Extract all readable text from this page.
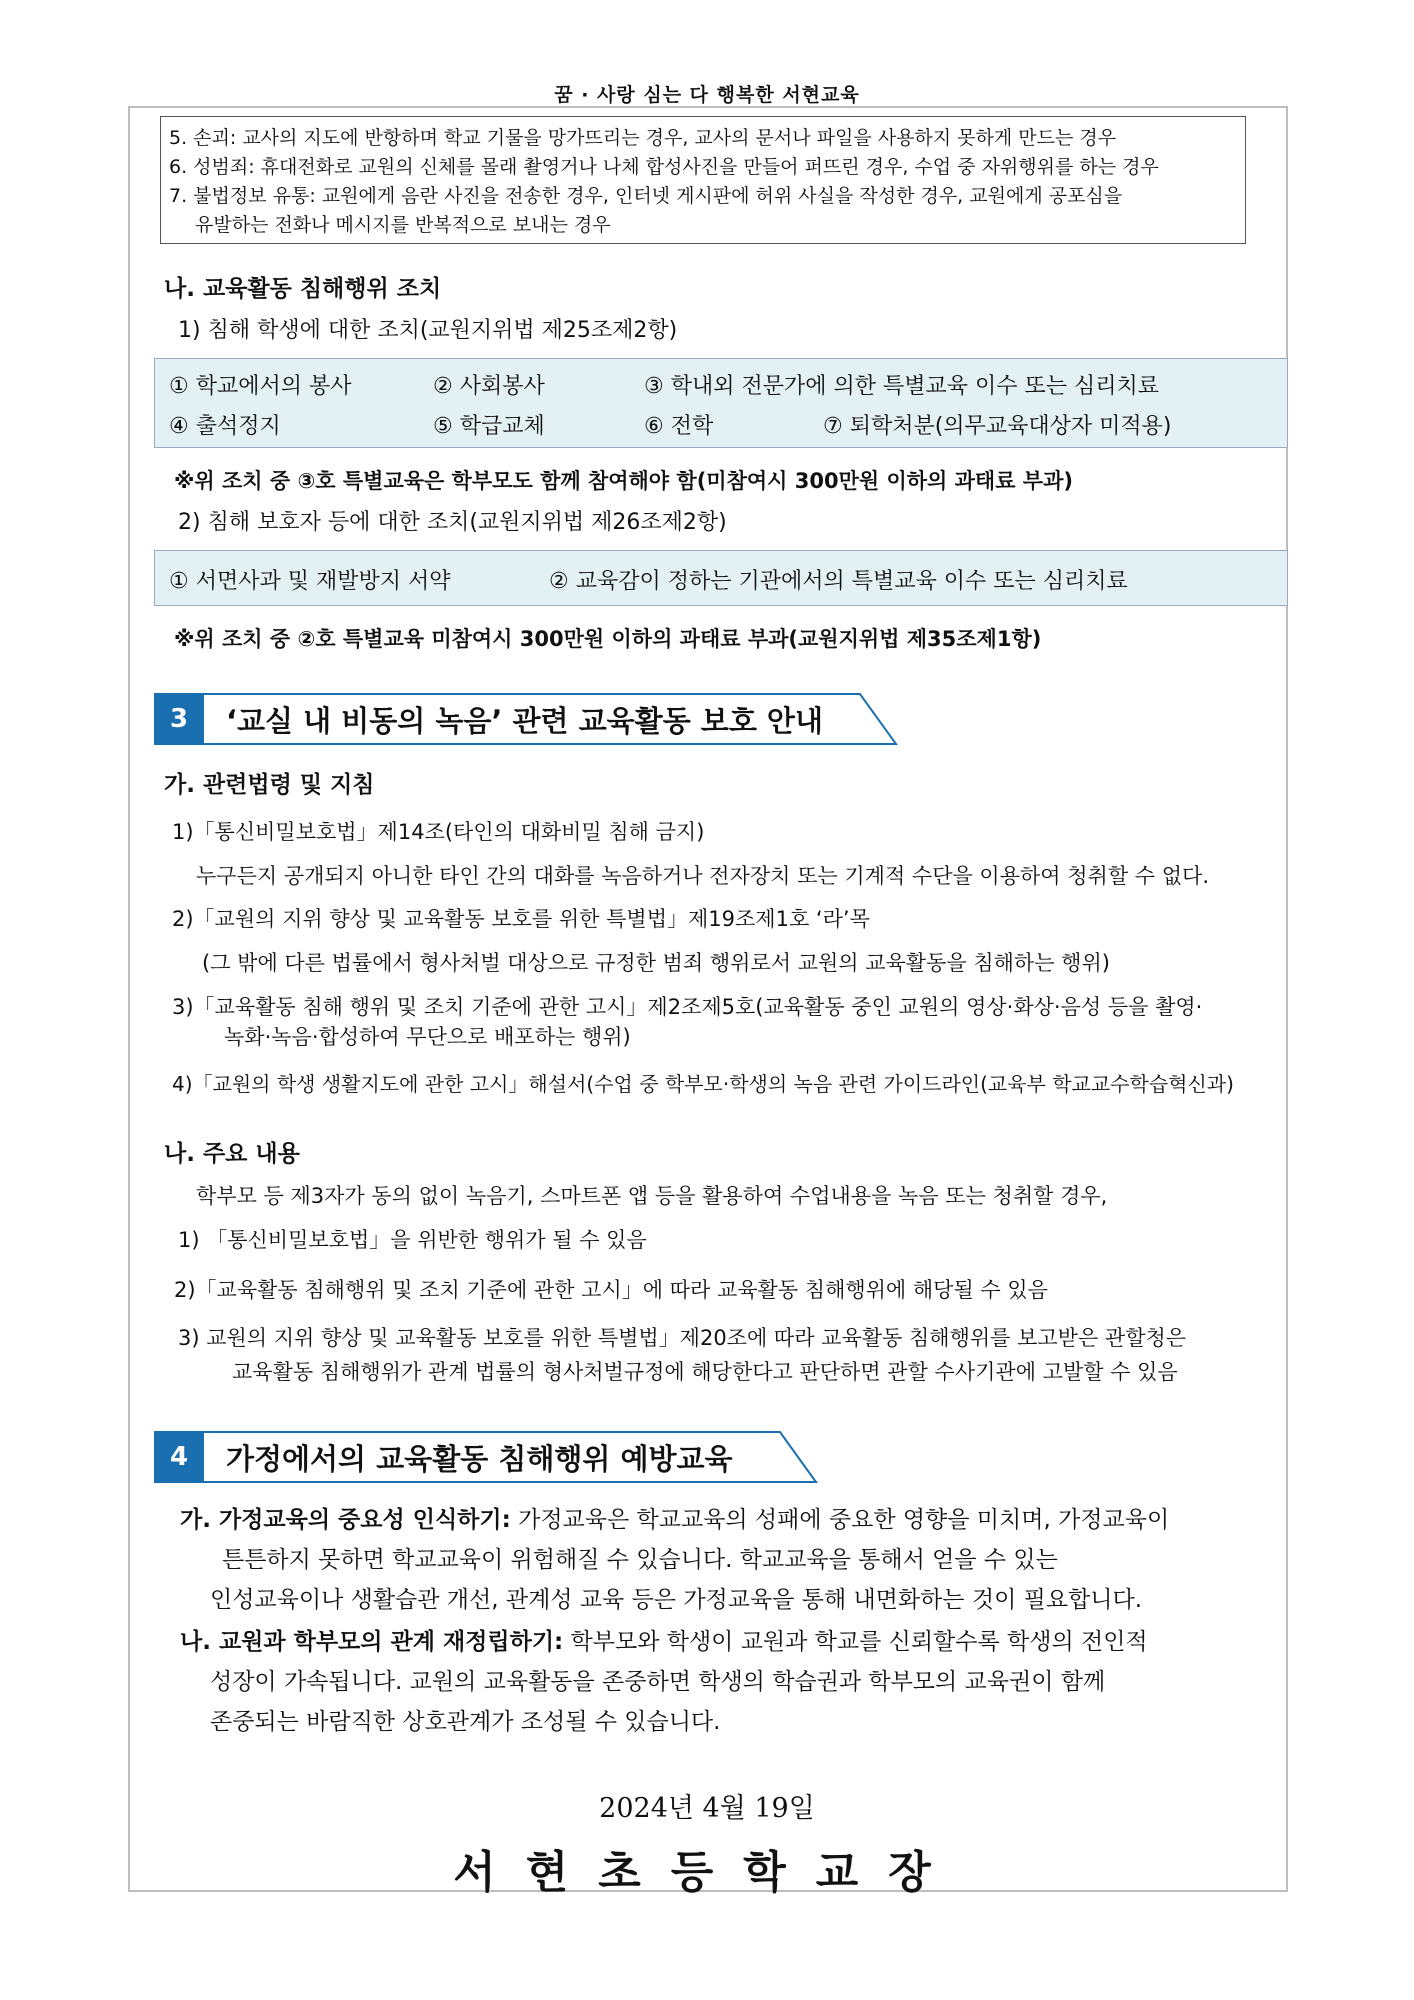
꿈 · 사랑 심는 다 행복한 서현교육
5. 손괴: 교사의 지도에 반항하며 학교 기물을 망가뜨리는 경우, 교사의 문서나 파일을 사용하지 못하게 만드는 경우
6. 성범죄: 휴대전화로 교원의 신체를 몰래 촬영거나 나체 합성사진을 만들어 퍼뜨린 경우, 수업 중 자위행위를 하는 경우
7. 불법정보 유통: 교원에게 음란 사진을 전송한 경우, 인터넷 게시판에 허위 사실을 작성한 경우, 교원에게 공포심을
유발하는 전화나 메시지를 반복적으로 보내는 경우
나. 교육활동 침해행위 조치
1) 침해 학생에 대한 조치(교원지위법 제25조제2항)
① 학교에서의 봉사	② 사회봉사	③ 학내외 전문가에 의한 특별교육 이수 또는 심리치료
④ 출석정지	⑤ 학급교체	⑥ 전학	⑦ 퇴학처분(의무교육대상자 미적용)
※위 조치 중 ③호 특별교육은 학부모도 함께 참여해야 함(미참여시 300만원 이하의 과태료 부과)
2) 침해 보호자 등에 대한 조치(교원지위법 제26조제2항)
① 서면사과 및 재발방지 서약	② 교육감이 정하는 기관에서의 특별교육 이수 또는 심리치료
※위 조치 중 ②호 특별교육 미참여시 300만원 이하의 과태료 부과(교원지위법 제35조제1항)
3	‘교실 내 비동의 녹음’ 관련 교육활동 보호 안내
가. 관련법령 및 지침
1)「통신비밀보호법」제14조(타인의 대화비밀 침해 금지)
누구든지 공개되지 아니한 타인 간의 대화를 녹음하거나 전자장치 또는 기계적 수단을 이용하여 청취할 수 없다.
2)「교원의 지위 향상 및 교육활동 보호를 위한 특별법」제19조제1호 ‘라’목
(그 밖에 다른 법률에서 형사처벌 대상으로 규정한 범죄 행위로서 교원의 교육활동을 침해하는 행위)
3)「교육활동 침해 행위 및 조치 기준에 관한 고시」제2조제5호(교육활동 중인 교원의 영상·화상·음성 등을 촬영·
녹화·녹음·합성하여 무단으로 배포하는 행위)
4)「교원의 학생 생활지도에 관한 고시」해설서(수업 중 학부모·학생의 녹음 관련 가이드라인(교육부 학교교수학습혁신과)
나. 주요 내용
학부모 등 제3자가 동의 없이 녹음기, 스마트폰 앱 등을 활용하여 수업내용을 녹음 또는 청취할 경우,
1) 「통신비밀보호법」을 위반한 행위가 될 수 있음
2)「교육활동 침해행위 및 조치 기준에 관한 고시」에 따라 교육활동 침해행위에 해당될 수 있음
3) 교원의 지위 향상 및 교육활동 보호를 위한 특별법」제20조에 따라 교육활동 침해행위를 보고받은 관할청은
교육활동 침해행위가 관계 법률의 형사처벌규정에 해당한다고 판단하면 관할 수사기관에 고발할 수 있음
4	가정에서의 교육활동 침해행위 예방교육
가. 가정교육의 중요성 인식하기: 가정교육은 학교교육의 성패에 중요한 영향을 미치며, 가정교육이
튼튼하지 못하면 학교교육이 위험해질 수 있습니다. 학교교육을 통해서 얻을 수 있는
인성교육이나 생활습관 개선, 관계성 교육 등은 가정교육을 통해 내면화하는 것이 필요합니다.
나. 교원과 학부모의 관계 재정립하기: 학부모와 학생이 교원과 학교를 신뢰할수록 학생의 전인적
성장이 가속됩니다. 교원의 교육활동을 존중하면 학생의 학습권과 학부모의 교육권이 함께
존중되는 바람직한 상호관계가 조성될 수 있습니다.
2024년 4월 19일
서현초등학교장
